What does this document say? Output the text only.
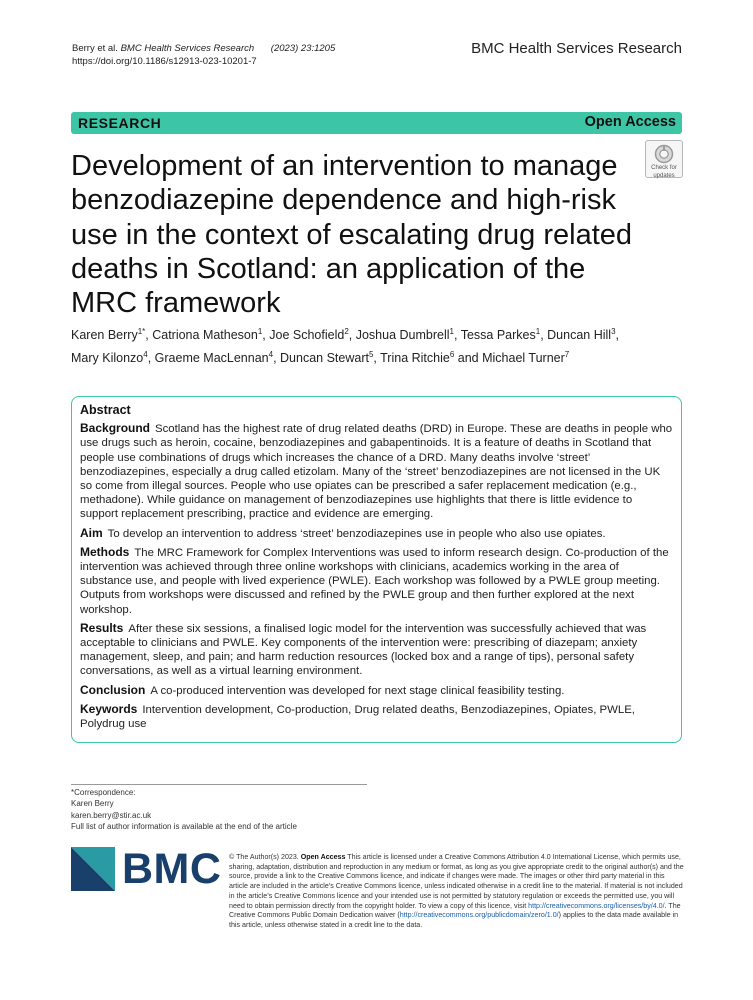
Berry et al. BMC Health Services Research (2023) 23:1205
https://doi.org/10.1186/s12913-023-10201-7
BMC Health Services Research
RESEARCH	Open Access
Development of an intervention to manage benzodiazepine dependence and high-risk use in the context of escalating drug related deaths in Scotland: an application of the MRC framework
Check for
updates

Karen Berry$^{1*}$, Catriona Matheson$^1$, Joe Schofield$^2$, Joshua Dumbrell$^1$, Tessa Parkes$^1$, Duncan Hill$^3$,
Mary Kilonzo$^4$, Graeme MacLennan$^4$, Duncan Stewart$^5$, Trina Ritchie$^6$ and Michael Turner$^7$

Abstract

Background Scotland has the highest rate of drug related deaths (DRD) in Europe. These are deaths in people who use drugs such as heroin, cocaine, benzodiazepines and gabapentinoids. It is a feature of deaths in Scotland that people use combinations of drugs which increases the chance of a DRD. Many deaths involve ‘street’ benzodiazepines, especially a drug called etizolam. Many of the ‘street’ benzodiazepines are not licensed in the UK so come from illegal sources. People who use opiates can be prescribed a safer replacement medication (e.g., methadone). While guidance on management of benzodiazepines use highlights that there is little evidence to support replacement prescribing, practice and evidence are emerging.

Aim To develop an intervention to address ‘street’ benzodiazepines use in people who also use opiates.

Methods The MRC Framework for Complex Interventions was used to inform research design. Co-production of the intervention was achieved through three online workshops with clinicians, academics working in the area of substance use, and people with lived experience (PWLE). Each workshop was followed by a PWLE group meeting. Outputs from workshops were discussed and refined by the PWLE group and then further explored at the next workshop.

Results After these six sessions, a finalised logic model for the intervention was successfully achieved that was acceptable to clinicians and PWLE. Key components of the intervention were: prescribing of diazepam; anxiety management, sleep, and pain; and harm reduction resources (locked box and a range of tips), personal safety conversations, as well as a virtual learning environment.

Conclusion A co-produced intervention was developed for next stage clinical feasibility testing.

Keywords Intervention development, Co-production, Drug related deaths, Benzodiazepines, Opiates, PWLE, Polydrug use

*Correspondence:
Karen Berry
karen.berry@stir.ac.uk
Full list of author information is available at the end of the article
BMC © The Author(s) 2023. Open Access This article is licensed under a Creative Commons Attribution 4.0 International License, which permits use, sharing, adaptation, distribution and reproduction in any medium or format, as long as you give appropriate credit to the original author(s) and the source, provide a link to the Creative Commons licence, and indicate if changes were made. The images or other third party material in this article are included in the article’s Creative Commons licence, unless indicated otherwise in a credit line to the material. If material is not included in the article’s Creative Commons licence and your intended use is not permitted by statutory regulation or exceeds the permitted use, you will need to obtain permission directly from the copyright holder. To view a copy of this licence, visit http://creativecommons.org/licenses/by/4.0/. The Creative Commons Public Domain Dedication waiver (http://creativecommons.org/publicdomain/zero/1.0/) applies to the data made available in this article, unless otherwise stated in a credit line to the data.
